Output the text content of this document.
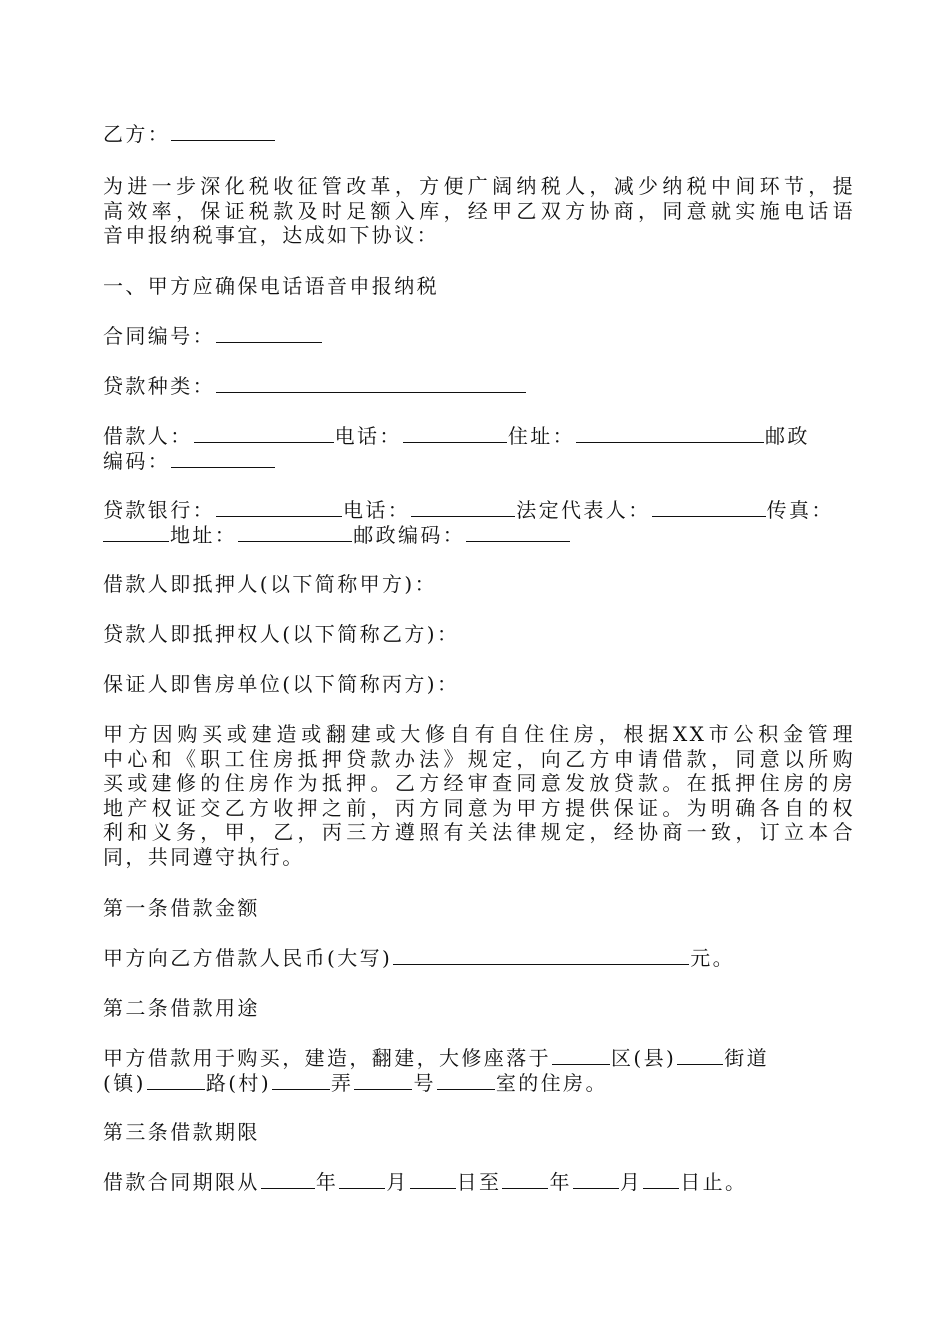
乙方：
为进一步深化税收征管改革，方便广阔纳税人，减少纳税中间环节，提
高效率，保证税款及时足额入库，经甲乙双方协商，同意就实施电话语
音申报纳税事宜，达成如下协议：
一、甲方应确保电话语音申报纳税
合同编号：
贷款种类：
借款人：	电话：	住址：	邮政
编码：
贷款银行：	电话：	法定代表人：	传真：
地址：	邮政编码：
借款人即抵押人(以下简称甲方)：
贷款人即抵押权人(以下简称乙方)：
保证人即售房单位(以下简称丙方)：
甲方因购买或建造或翻建或大修自有自住住房，根据XX市公积金管理
中心和《职工住房抵押贷款办法》规定，向乙方申请借款，同意以所购
买或建修的住房作为抵押。乙方经审查同意发放贷款。在抵押住房的房
地产权证交乙方收押之前，丙方同意为甲方提供保证。为明确各自的权
利和义务，甲，乙，丙三方遵照有关法律规定，经协商一致，订立本合
同，共同遵守执行。
第一条借款金额
甲方向乙方借款人民币(大写)	元。
第二条借款用途
甲方借款用于购买，建造，翻建，大修座落于	区(县) 街道
(镇)	路(村)	弄	号	室的住房。
第三条借款期限
借款合同期限从	年 月 日至 年 月 日止。
